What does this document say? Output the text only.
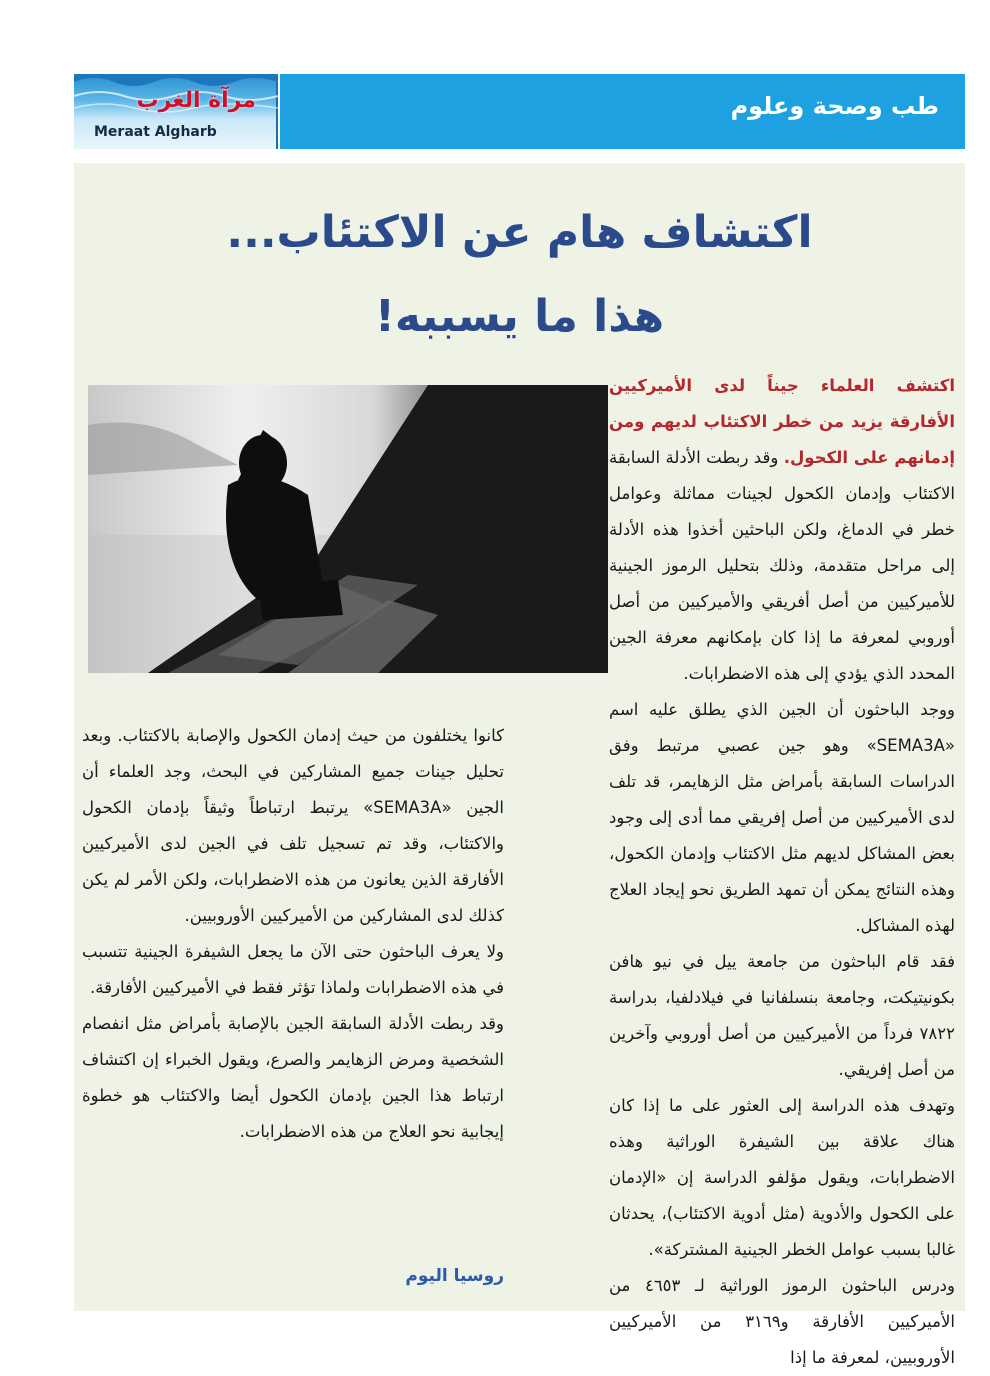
مرآة الغرب
Meraat Algharb
طب وصحة وعلوم
اكتشاف هام عن الاكتئاب...
هذا ما يسببه!

اكتشف العلماء جيناً لدى الأميركيين الأفارقة يزيد من خطر الاكتئاب لديهم ومن إدمانهم على الكحول. وقد ربطت الأدلة السابقة الاكتئاب وإدمان الكحول لجينات مماثلة وعوامل خطر في الدماغ، ولكن الباحثين أخذوا هذه الأدلة إلى مراحل متقدمة، وذلك بتحليل الرموز الجينية للأميركيين من أصل أفريقي والأميركيين من أصل أوروبي لمعرفة ما إذا كان بإمكانهم معرفة الجين المحدد الذي يؤدي إلى هذه الاضطرابات.

ووجد الباحثون أن الجين الذي يطلق عليه اسم «SEMA3A» وهو جين عصبي مرتبط وفق الدراسات السابقة بأمراض مثل الزهايمر، قد تلف لدى الأميركيين من أصل إفريقي مما أدى إلى وجود بعض المشاكل لديهم مثل الاكتئاب وإدمان الكحول، وهذه النتائج يمكن أن تمهد الطريق نحو إيجاد العلاج لهذه المشاكل.

فقد قام الباحثون من جامعة ييل في نيو هافن بكونيتيكت، وجامعة بنسلفانيا في فيلادلفيا، بدراسة ٧٨٢٢ فرداً من الأميركيين من أصل أوروبي وآخرين من أصل إفريقي.

وتهدف هذه الدراسة إلى العثور على ما إذا كان هناك علاقة بين الشيفرة الوراثية وهذه الاضطرابات، ويقول مؤلفو الدراسة إن «الإدمان على الكحول والأدوية (مثل أدوية الاكتئاب)، يحدثان غالبا بسبب عوامل الخطر الجينية المشتركة».

ودرس الباحثون الرموز الوراثية لـ ٤٦٥٣ من الأميركيين الأفارقة و٣١٦٩ من الأميركيين الأوروبيين، لمعرفة ما إذا

كانوا يختلفون من حيث إدمان الكحول والإصابة بالاكتئاب. وبعد تحليل جينات جميع المشاركين في البحث، وجد العلماء أن الجين «SEMA3A» يرتبط ارتباطاً وثيقاً بإدمان الكحول والاكتئاب، وقد تم تسجيل تلف في الجين لدى الأميركيين الأفارقة الذين يعانون من هذه الاضطرابات، ولكن الأمر لم يكن كذلك لدى المشاركين من الأميركيين الأوروبيين.

ولا يعرف الباحثون حتى الآن ما يجعل الشيفرة الجينية تتسبب في هذه الاضطرابات ولماذا تؤثر فقط في الأميركيين الأفارقة.

وقد ربطت الأدلة السابقة الجين بالإصابة بأمراض مثل انفصام الشخصية ومرض الزهايمر والصرع، ويقول الخبراء إن اكتشاف ارتباط هذا الجين بإدمان الكحول أيضا والاكتئاب هو خطوة إيجابية نحو العلاج من هذه الاضطرابات.

روسيا اليوم
